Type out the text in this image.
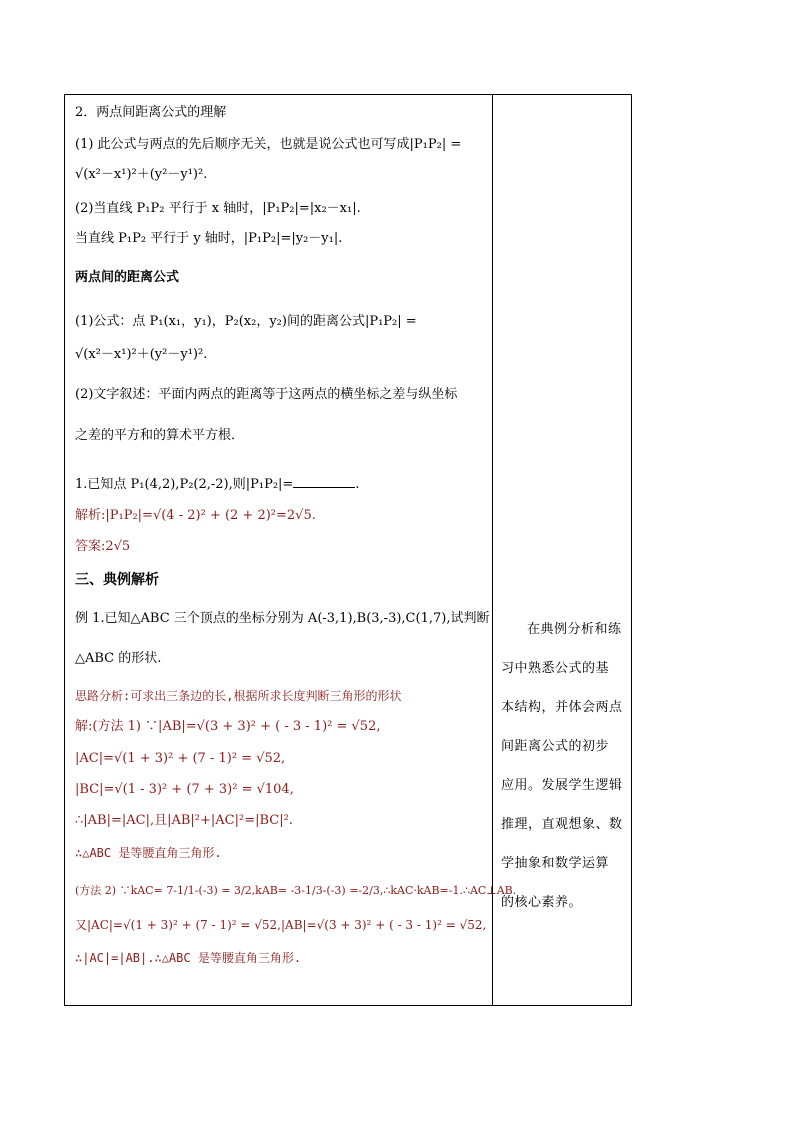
2．两点间距离公式的理解
(1) 此公式与两点的先后顺序无关，也就是说公式也可写成|P₁P₂| =
√(x²－x¹)²＋(y²－y¹)².
(2)当直线 P₁P₂ 平行于 x 轴时，|P₁P₂|=|x₂－x₁|.
当直线 P₁P₂ 平行于 y 轴时，|P₁P₂|=|y₂－y₁|.
两点间的距离公式
(1)公式：点 P₁(x₁，y₁)，P₂(x₂，y₂)间的距离公式|P₁P₂| =
√(x²－x¹)²＋(y²－y¹)².
(2)文字叙述：平面内两点的距离等于这两点的横坐标之差与纵坐标
之差的平方和的算术平方根．
1.已知点 P₁(4,2),P₂(2,-2),则|P₁P₂|=	.
解析:|P₁P₂|=√(4 - 2)² + (2 + 2)²=2√5.
答案:2√5
三、典例解析
例 1.已知△ABC 三个顶点的坐标分别为 A(-3,1),B(3,-3),C(1,7),试判断
△ABC 的形状.
思路分析:可求出三条边的长,根据所求长度判断三角形的形状
解:(方法 1) ∵|AB|=√(3 + 3)² + ( - 3 - 1)² = √52,
|AC|=√(1 + 3)² + (7 - 1)² = √52,
|BC|=√(1 - 3)² + (7 + 3)² = √104,
∴|AB|=|AC|,且|AB|²+|AC|²=|BC|².
∴△ABC 是等腰直角三角形.
(方法 2) ∵kAC= 7-1/1-(-3) = 3/2,kAB= -3-1/3-(-3) =-2/3,∴kAC·kAB=-1.∴AC⊥AB.
又|AC|=√(1 + 3)² + (7 - 1)² = √52,|AB|=√(3 + 3)² + ( - 3 - 1)² = √52,
∴|AC|=|AB|.∴△ABC 是等腰直角三角形.
在典例分析和练
习中熟悉公式的基
本结构，并体会两点
间距离公式的初步
应用。发展学生逻辑
推理，直观想象、数
学抽象和数学运算
的核心素养。
